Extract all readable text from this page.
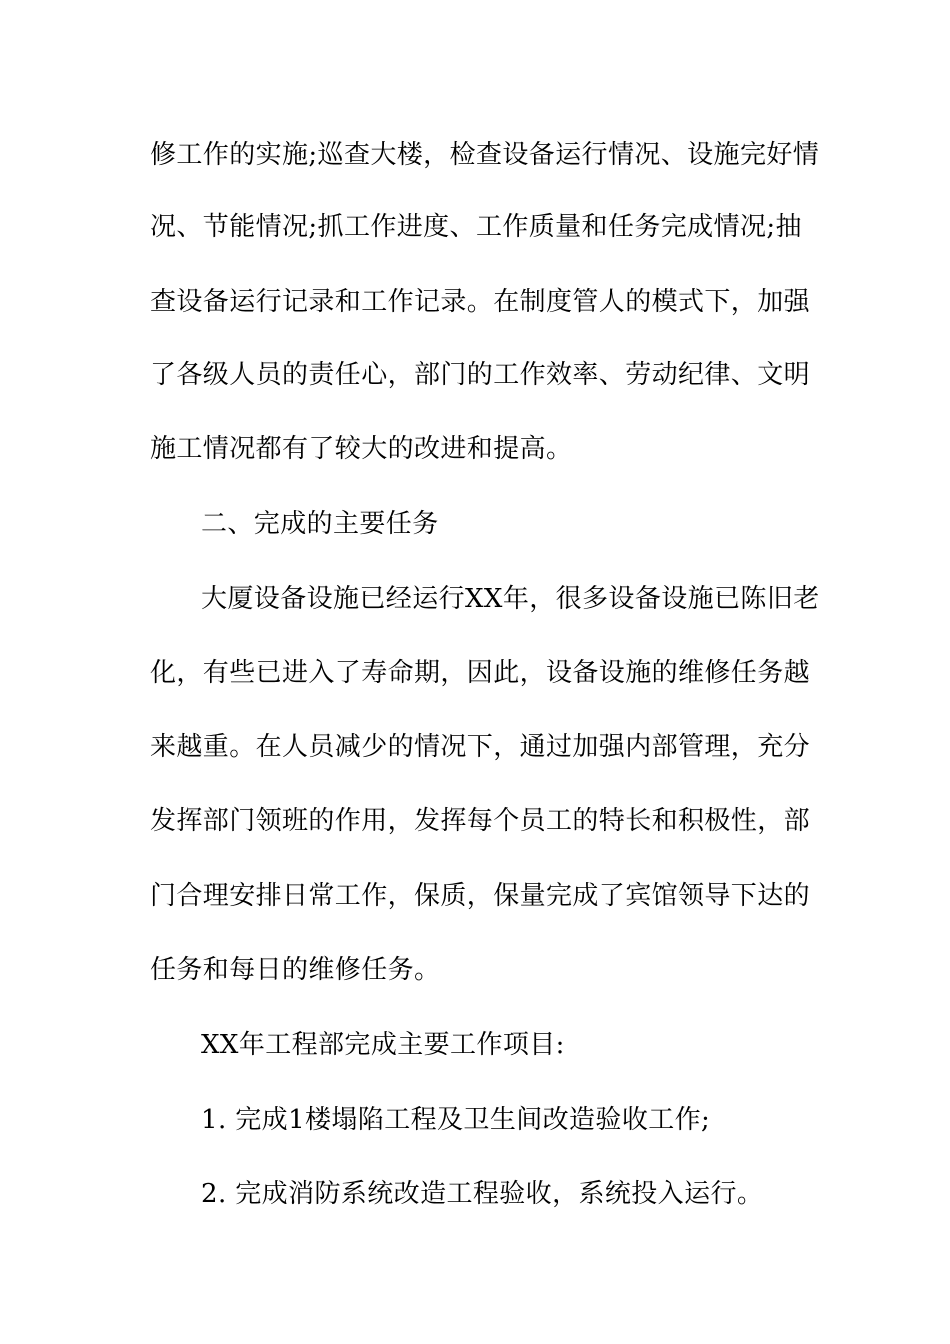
修工作的实施;巡查大楼，检查设备运行情况、设施完好情
况、节能情况;抓工作进度、工作质量和任务完成情况;抽
查设备运行记录和工作记录。在制度管人的模式下，加强
了各级人员的责任心，部门的工作效率、劳动纪律、文明
施工情况都有了较大的改进和提高。
二、完成的主要任务
大厦设备设施已经运行XX年，很多设备设施已陈旧老
化，有些已进入了寿命期，因此，设备设施的维修任务越
来越重。在人员减少的情况下，通过加强内部管理，充分
发挥部门领班的作用，发挥每个员工的特长和积极性，部
门合理安排日常工作，保质，保量完成了宾馆领导下达的
任务和每日的维修任务。
XX年工程部完成主要工作项目:
1. 完成1楼塌陷工程及卫生间改造验收工作;
2. 完成消防系统改造工程验收，系统投入运行。
